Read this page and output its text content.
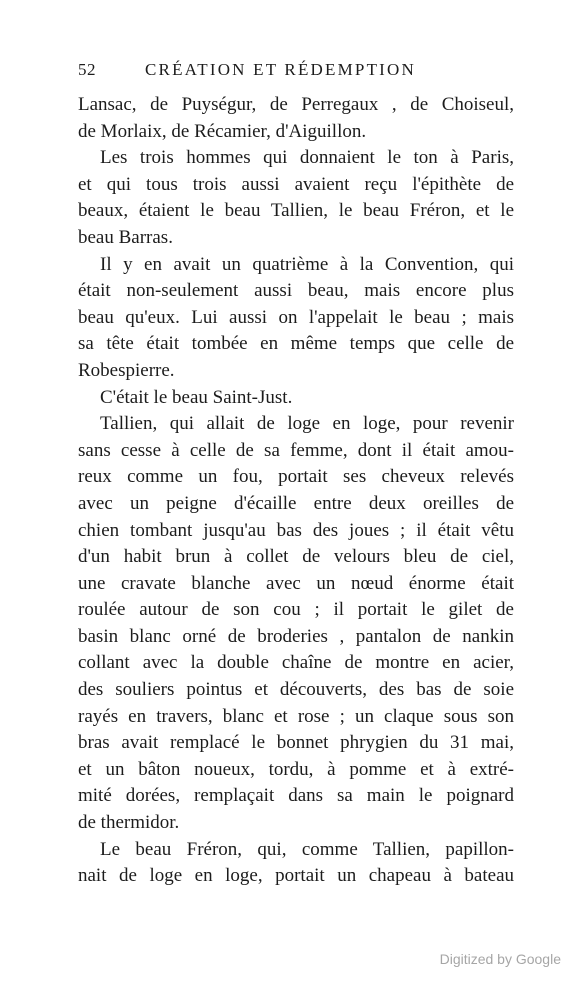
52	CRÉATION ET RÉDEMPTION
Lansac, de Puységur, de Perregaux , de Choiseul,
de Morlaix, de Récamier, d'Aiguillon.
Les trois hommes qui donnaient le ton à Paris,
et qui tous trois aussi avaient reçu l'épithète de
beaux, étaient le beau Tallien, le beau Fréron, et le
beau Barras.
Il y en avait un quatrième à la Convention, qui
était non-seulement aussi beau, mais encore plus
beau qu'eux. Lui aussi on l'appelait le beau ; mais
sa tête était tombée en même temps que celle de
Robespierre.
C'était le beau Saint-Just.
Tallien, qui allait de loge en loge, pour revenir
sans cesse à celle de sa femme, dont il était amou-
reux comme un fou, portait ses cheveux relevés
avec un peigne d'écaille entre deux oreilles de
chien tombant jusqu'au bas des joues ; il était vêtu
d'un habit brun à collet de velours bleu de ciel,
une cravate blanche avec un nœud énorme était
roulée autour de son cou ; il portait le gilet de
basin blanc orné de broderies , pantalon de nankin
collant avec la double chaîne de montre en acier,
des souliers pointus et découverts, des bas de soie
rayés en travers, blanc et rose ; un claque sous son
bras avait remplacé le bonnet phrygien du 31 mai,
et un bâton noueux, tordu, à pomme et à extré-
mité dorées, remplaçait dans sa main le poignard
de thermidor.
Le beau Fréron, qui, comme Tallien, papillon-
nait de loge en loge, portait un chapeau à bateau
Digitized by Google
